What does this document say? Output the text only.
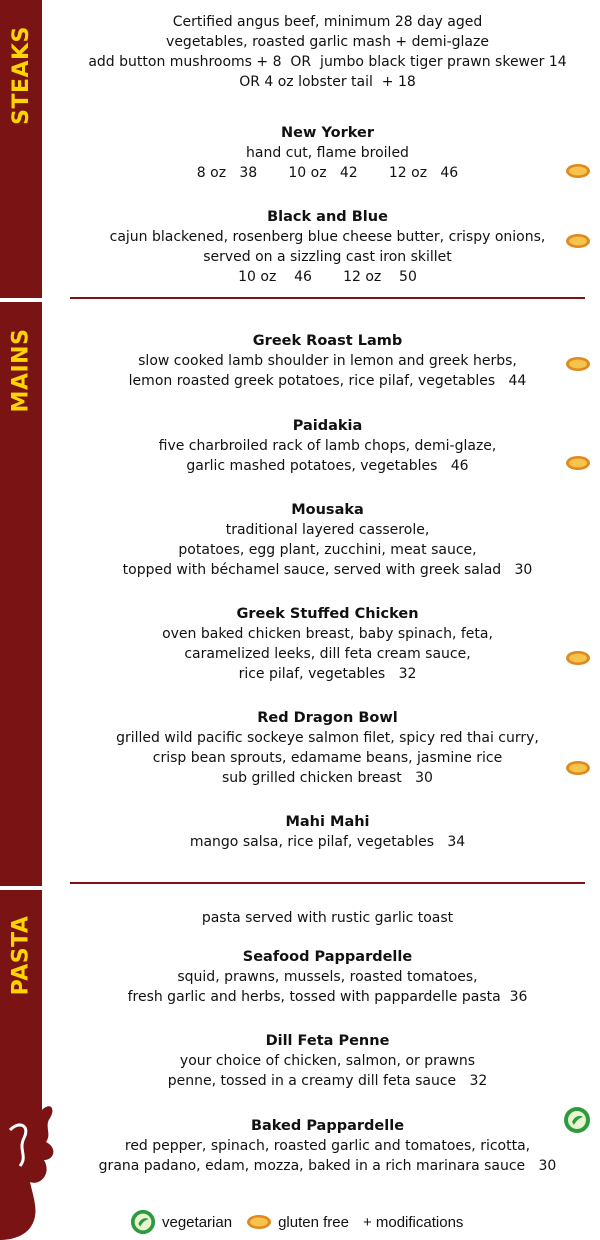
STEAKS
MAINS
PASTA
Certified angus beef, minimum 28 day aged
vegetables, roasted garlic mash + demi-glaze
add button mushrooms + 8  OR  jumbo black tiger prawn skewer 14
OR 4 oz lobster tail  + 18
New Yorker
hand cut, flame broiled
8 oz   38       10 oz   42       12 oz   46
Black and Blue
cajun blackened, rosenberg blue cheese butter, crispy onions,
served on a sizzling cast iron skillet
10 oz    46       12 oz    50
Greek Roast Lamb
slow cooked lamb shoulder in lemon and greek herbs,
lemon roasted greek potatoes, rice pilaf, vegetables   44
Paidakia
five charbroiled rack of lamb chops, demi-glaze,
garlic mashed potatoes, vegetables   46
Mousaka
traditional layered casserole,
potatoes, egg plant, zucchini, meat sauce,
topped with béchamel sauce, served with greek salad   30
Greek Stuffed Chicken
oven baked chicken breast, baby spinach, feta,
caramelized leeks, dill feta cream sauce,
rice pilaf, vegetables   32
Red Dragon Bowl
grilled wild pacific sockeye salmon filet, spicy red thai curry,
crisp bean sprouts, edamame beans, jasmine rice
sub grilled chicken breast   30
Mahi Mahi
mango salsa, rice pilaf, vegetables   34
pasta served with rustic garlic toast
Seafood Pappardelle
squid, prawns, mussels, roasted tomatoes,
fresh garlic and herbs, tossed with pappardelle pasta  36
Dill Feta Penne
your choice of chicken, salmon, or prawns
penne, tossed in a creamy dill feta sauce   32
Baked Pappardelle
red pepper, spinach, roasted garlic and tomatoes, ricotta,
grana padano, edam, mozza, baked in a rich marinara sauce   30
vegetarian	gluten free + modifications
